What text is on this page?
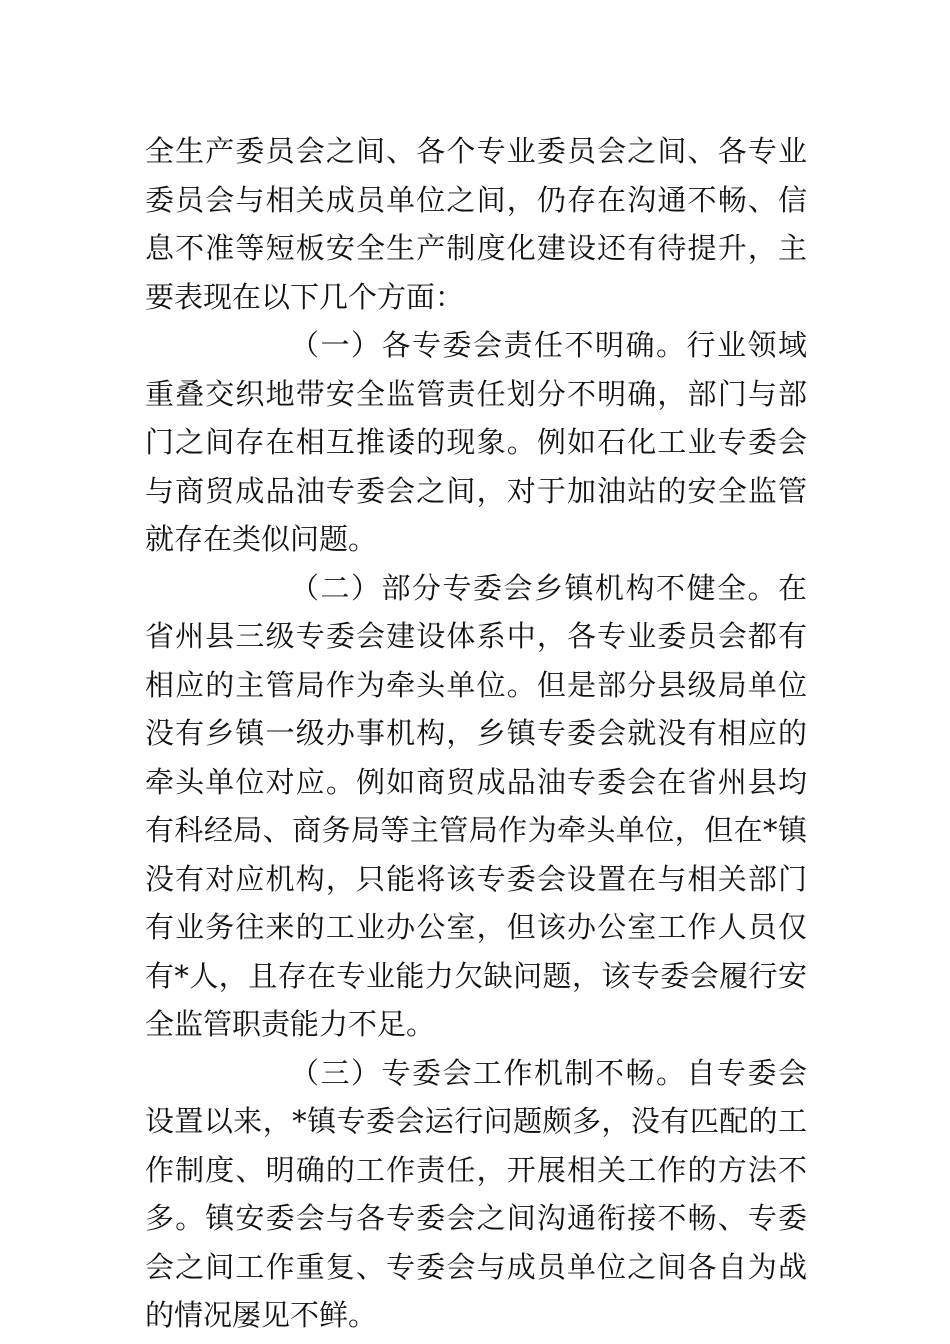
全生产委员会之间、各个专业委员会之间、各专业委员会与相关成员单位之间，仍存在沟通不畅、信息不准等短板安全生产制度化建设还有待提升，主要表现在以下几个方面：

（一）各专委会责任不明确。行业领域重叠交织地带安全监管责任划分不明确，部门与部门之间存在相互推诿的现象。例如石化工业专委会与商贸成品油专委会之间，对于加油站的安全监管就存在类似问题。

（二）部分专委会乡镇机构不健全。在省州县三级专委会建设体系中，各专业委员会都有相应的主管局作为牵头单位。但是部分县级局单位没有乡镇一级办事机构，乡镇专委会就没有相应的牵头单位对应。例如商贸成品油专委会在省州县均有科经局、商务局等主管局作为牵头单位，但在*镇没有对应机构，只能将该专委会设置在与相关部门有业务往来的工业办公室，但该办公室工作人员仅有*人，且存在专业能力欠缺问题，该专委会履行安全监管职责能力不足。

（三）专委会工作机制不畅。自专委会设置以来，*镇专委会运行问题颇多，没有匹配的工作制度、明确的工作责任，开展相关工作的方法不多。镇安委会与各专委会之间沟通衔接不畅、专委会之间工作重复、专委会与成员单位之间各自为战的情况屡见不鲜。
